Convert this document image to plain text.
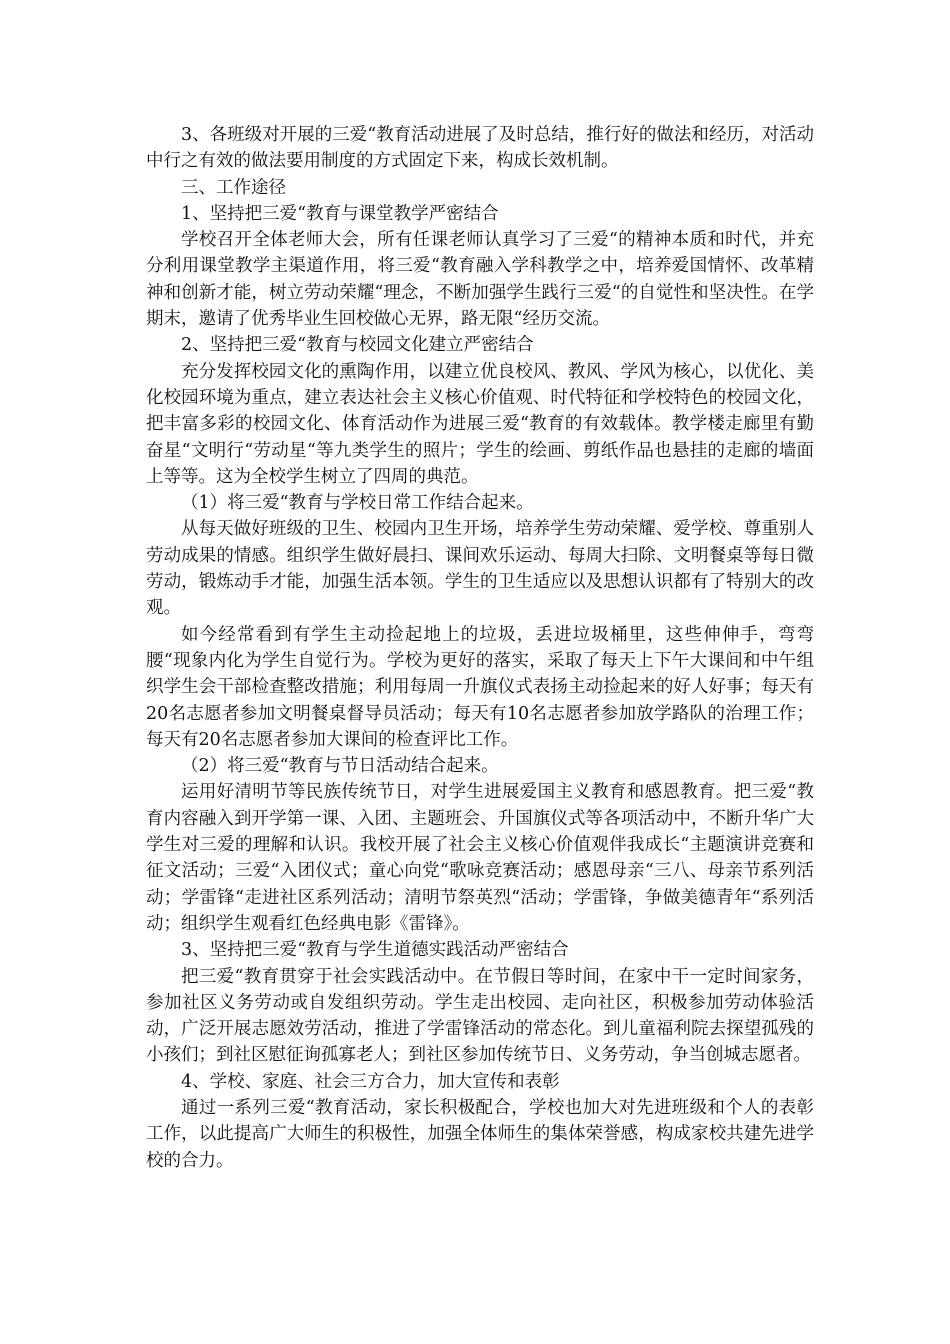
3、各班级对开展的三爱“教育活动进展了及时总结，推行好的做法和经历，对活动中行之有效的做法要用制度的方式固定下来，构成长效机制。

三、工作途径

1、坚持把三爱“教育与课堂教学严密结合

学校召开全体老师大会，所有任课老师认真学习了三爱“的精神本质和时代，并充分利用课堂教学主渠道作用，将三爱“教育融入学科教学之中，培养爱国情怀、改革精神和创新才能，树立劳动荣耀“理念，不断加强学生践行三爱“的自觉性和坚决性。在学期末，邀请了优秀毕业生回校做心无界，路无限“经历交流。

2、坚持把三爱“教育与校园文化建立严密结合

充分发挥校园文化的熏陶作用，以建立优良校风、教风、学风为核心，以优化、美化校园环境为重点，建立表达社会主义核心价值观、时代特征和学校特色的校园文化，把丰富多彩的校园文化、体育活动作为进展三爱“教育的有效载体。教学楼走廊里有勤奋星“文明行“劳动星“等九类学生的照片；学生的绘画、剪纸作品也悬挂的走廊的墙面上等等。这为全校学生树立了四周的典范。

（1）将三爱“教育与学校日常工作结合起来。

从每天做好班级的卫生、校园内卫生开场，培养学生劳动荣耀、爱学校、尊重别人劳动成果的情感。组织学生做好晨扫、课间欢乐运动、每周大扫除、文明餐桌等每日微劳动，锻炼动手才能，加强生活本领。学生的卫生适应以及思想认识都有了特别大的改观。

如今经常看到有学生主动捡起地上的垃圾，丢进垃圾桶里，这些伸伸手，弯弯腰“现象内化为学生自觉行为。学校为更好的落实，采取了每天上下午大课间和中午组织学生会干部检查整改措施；利用每周一升旗仪式表扬主动捡起来的好人好事；每天有20名志愿者参加文明餐桌督导员活动；每天有10名志愿者参加放学路队的治理工作；每天有20名志愿者参加大课间的检查评比工作。

（2）将三爱“教育与节日活动结合起来。

运用好清明节等民族传统节日，对学生进展爱国主义教育和感恩教育。把三爱“教育内容融入到开学第一课、入团、主题班会、升国旗仪式等各项活动中，不断升华广大学生对三爱的理解和认识。我校开展了社会主义核心价值观伴我成长“主题演讲竞赛和征文活动；三爱“入团仪式；童心向党“歌咏竞赛活动；感恩母亲“三八、母亲节系列活动；学雷锋“走进社区系列活动；清明节祭英烈“活动；学雷锋，争做美德青年“系列活动；组织学生观看红色经典电影《雷锋》。

3、坚持把三爱“教育与学生道德实践活动严密结合

把三爱“教育贯穿于社会实践活动中。在节假日等时间，在家中干一定时间家务，参加社区义务劳动或自发组织劳动。学生走出校园、走向社区，积极参加劳动体验活动，广泛开展志愿效劳活动，推进了学雷锋活动的常态化。到儿童福利院去探望孤残的小孩们；到社区慰征询孤寡老人；到社区参加传统节日、义务劳动，争当创城志愿者。

4、学校、家庭、社会三方合力，加大宣传和表彰

通过一系列三爱“教育活动，家长积极配合，学校也加大对先进班级和个人的表彰工作，以此提高广大师生的积极性，加强全体师生的集体荣誉感，构成家校共建先进学校的合力。
